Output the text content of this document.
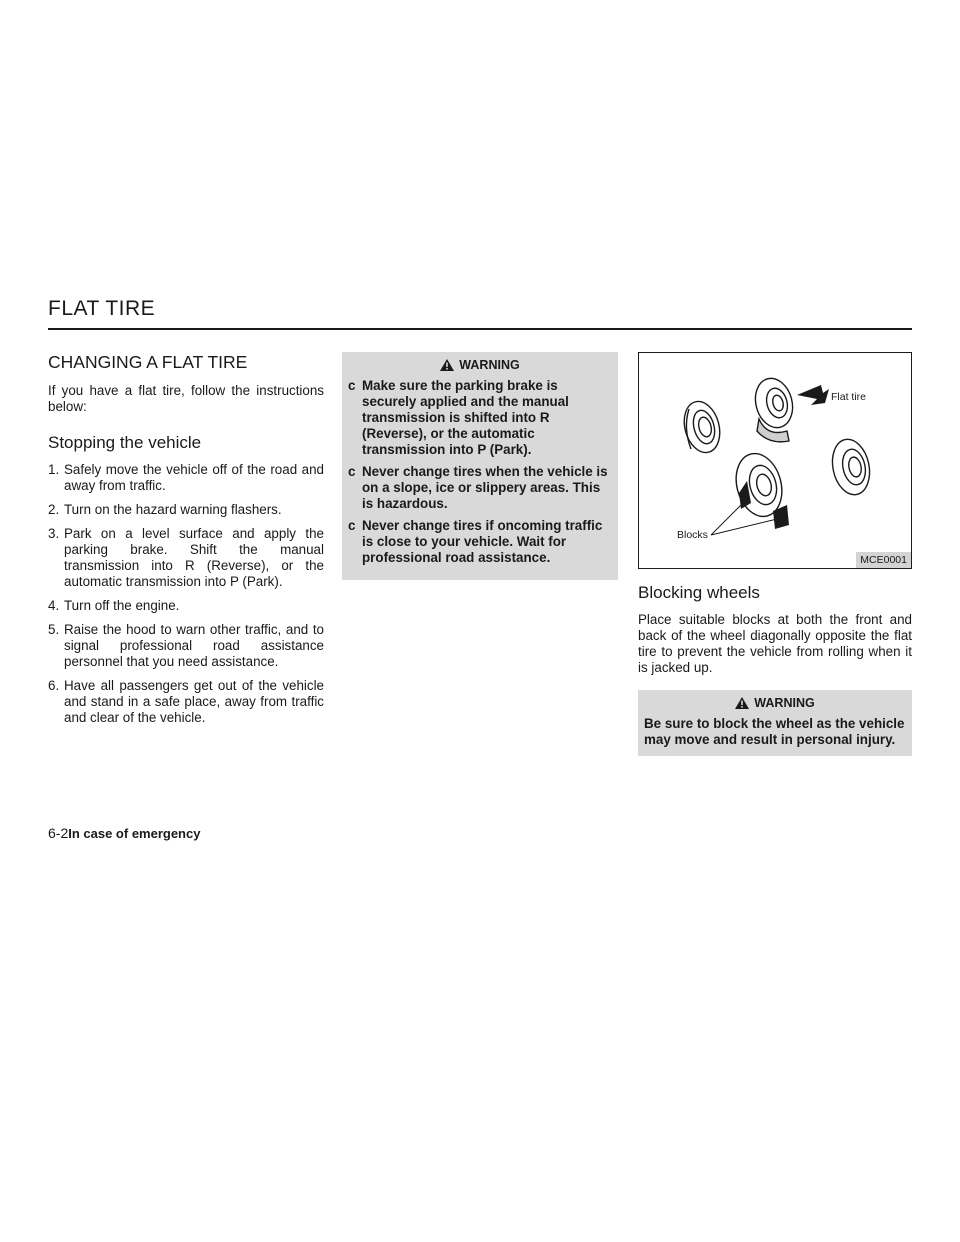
FLAT TIRE
CHANGING A FLAT TIRE

If you have a flat tire, follow the instructions below:

Stopping the vehicle
1. Safely move the vehicle off of the road and away from traffic.
2. Turn on the hazard warning flashers.
3. Park on a level surface and apply the parking brake. Shift the manual transmission into R (Reverse), or the automatic transmission into P (Park).
4. Turn off the engine.
5. Raise the hood to warn other traffic, and to signal professional road assistance personnel that you need assistance.
6. Have all passengers get out of the vehicle and stand in a safe place, away from traffic and clear of the vehicle.
WARNING
c Make sure the parking brake is securely applied and the manual transmission is shifted into R (Reverse), or the automatic transmission into P (Park).
c Never change tires when the vehicle is on a slope, ice or slippery areas. This is hazardous.
c Never change tires if oncoming traffic is close to your vehicle. Wait for professional road assistance.
Flat tire
Blocks
MCE0001
Blocking wheels

Place suitable blocks at both the front and back of the wheel diagonally opposite the flat tire to prevent the vehicle from rolling when it is jacked up.

WARNING

Be sure to block the wheel as the vehicle may move and result in personal injury.

6-2In case of emergency
